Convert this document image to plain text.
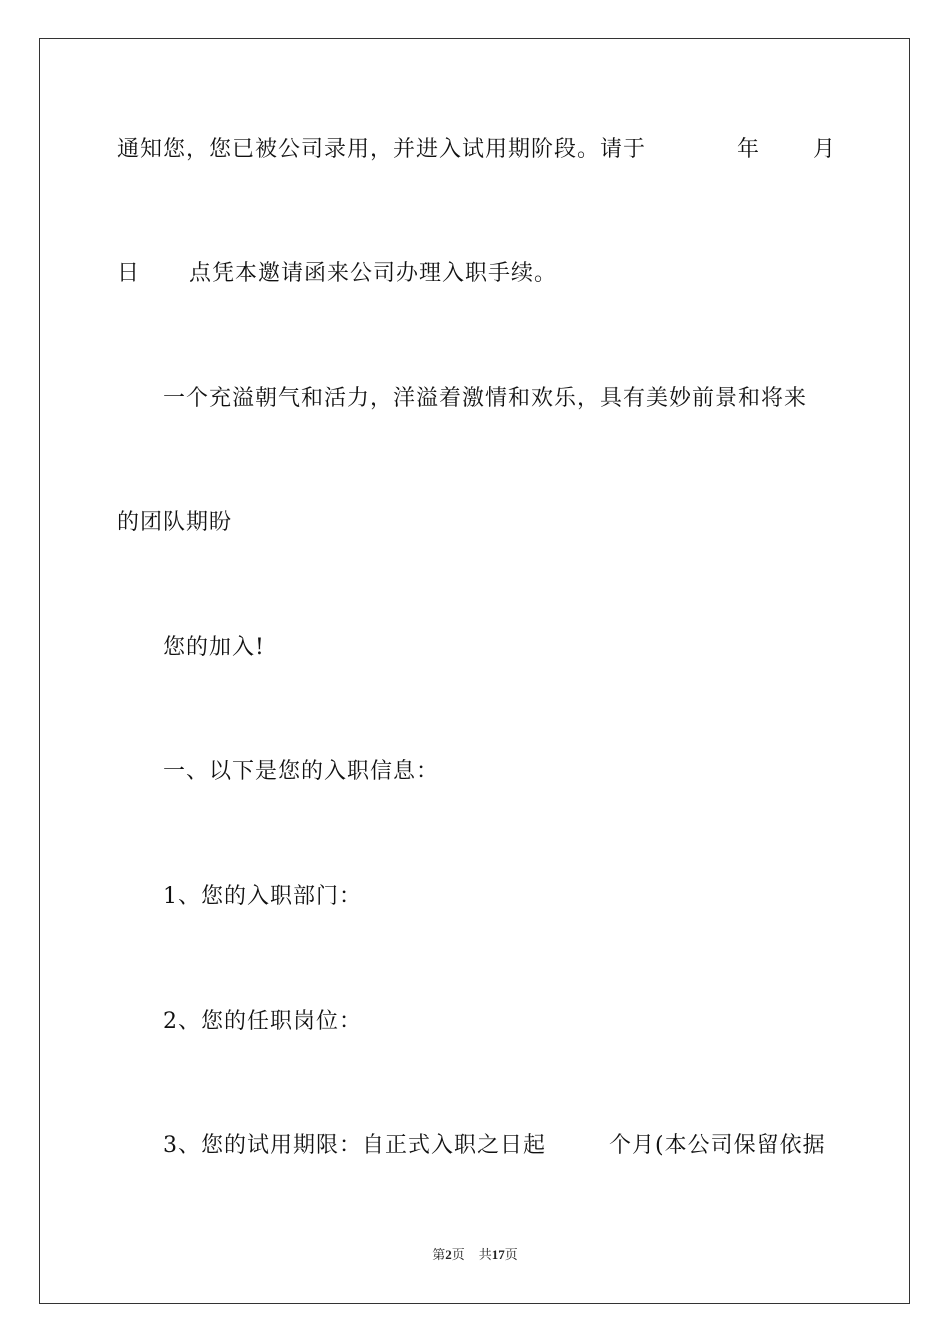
通知您，您已被公司录用，并进入试用期阶段。请于	年 月
日 点凭本邀请函来公司办理入职手续。
一个充溢朝气和活力，洋溢着激情和欢乐，具有美妙前景和将来
的团队期盼
您的加入!
一、以下是您的入职信息：
1、您的入职部门：
2、您的任职岗位：
3、您的试用期限：自正式入职之日起	个月(本公司保留依据
第2页 共17页
